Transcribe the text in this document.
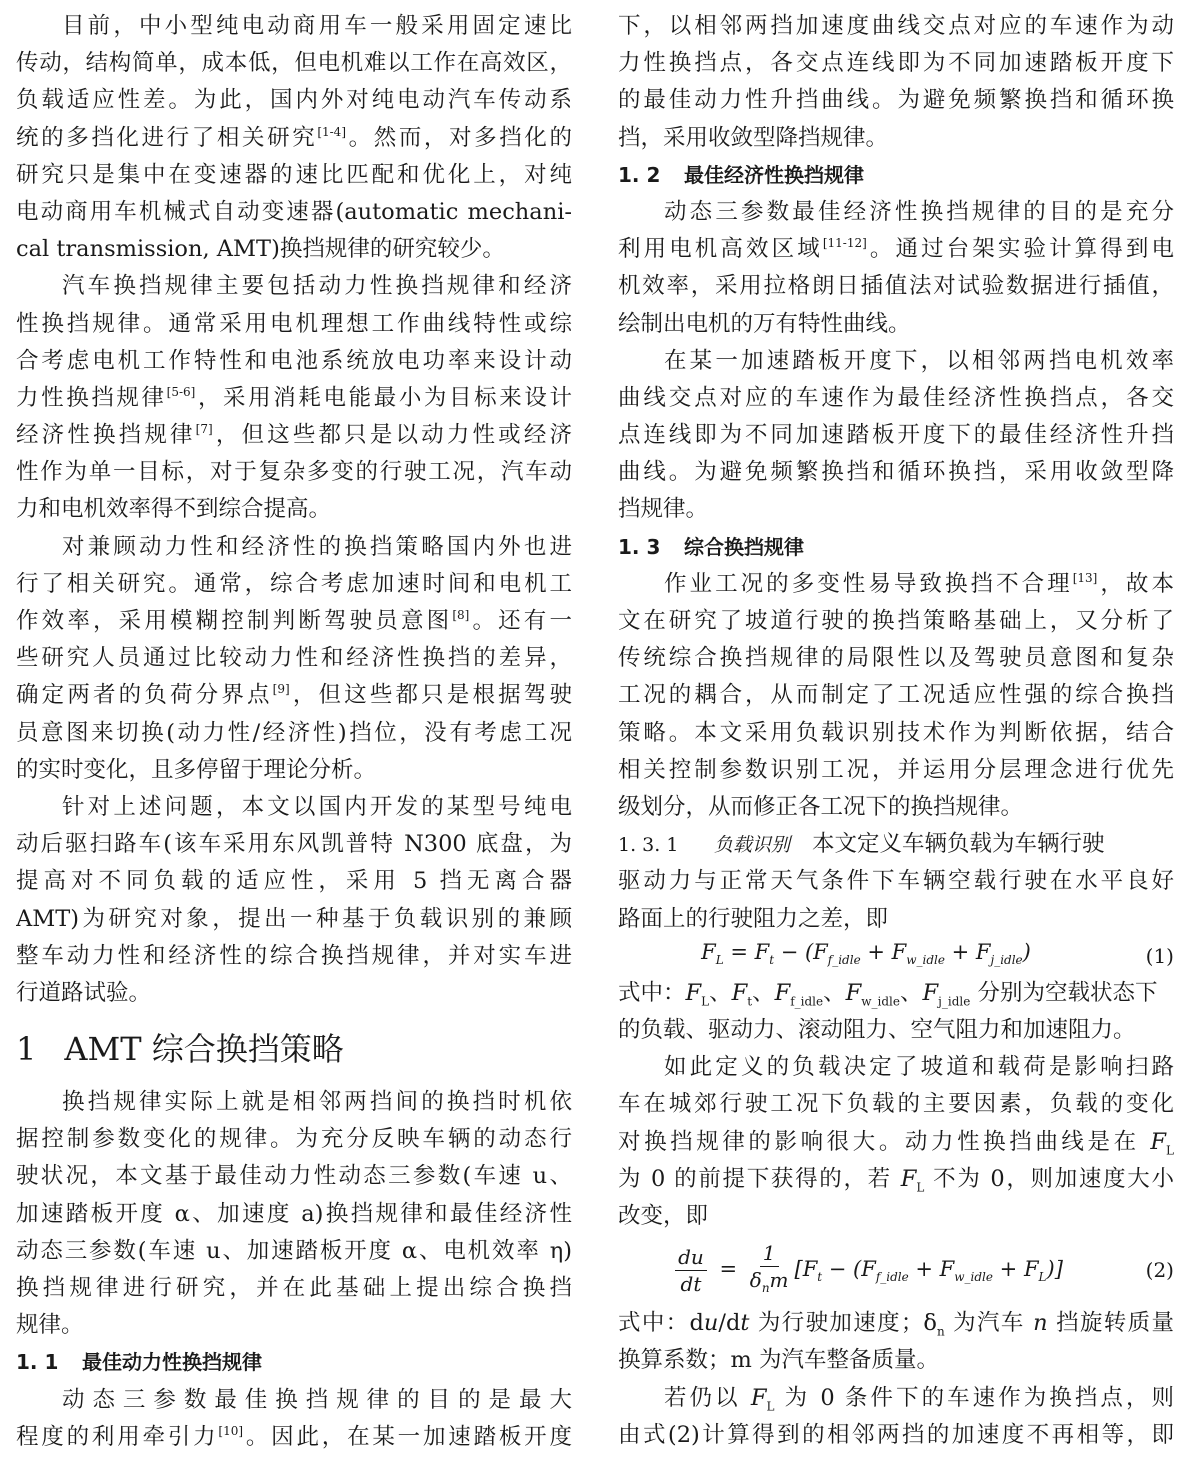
目前，中小型纯电动商用车一般采用固定速比
传动，结构简单，成本低，但电机难以工作在高效区，
负载适应性差。为此，国内外对纯电动汽车传动系
统的多挡化进行了相关研究[1-4]。然而，对多挡化的
研究只是集中在变速器的速比匹配和优化上，对纯
电动商用车机械式自动变速器(automatic mechani-
cal transmission, AMT)换挡规律的研究较少。
汽车换挡规律主要包括动力性换挡规律和经济
性换挡规律。通常采用电机理想工作曲线特性或综
合考虑电机工作特性和电池系统放电功率来设计动
力性换挡规律[5-6]，采用消耗电能最小为目标来设计
经济性换挡规律[7]，但这些都只是以动力性或经济
性作为单一目标，对于复杂多变的行驶工况，汽车动
力和电机效率得不到综合提高。
对兼顾动力性和经济性的换挡策略国内外也进
行了相关研究。通常，综合考虑加速时间和电机工
作效率，采用模糊控制判断驾驶员意图[8]。还有一
些研究人员通过比较动力性和经济性换挡的差异，
确定两者的负荷分界点[9]，但这些都只是根据驾驶
员意图来切换(动力性/经济性)挡位，没有考虑工况
的实时变化，且多停留于理论分析。
针对上述问题，本文以国内开发的某型号纯电
动后驱扫路车(该车采用东风凯普特 N300 底盘，为
提高对不同负载的适应性，采用 5 挡无离合器
AMT)为研究对象，提出一种基于负载识别的兼顾
整车动力性和经济性的综合换挡规律，并对实车进
行道路试验。
1 AMT 综合换挡策略
换挡规律实际上就是相邻两挡间的换挡时机依
据控制参数变化的规律。为充分反映车辆的动态行
驶状况，本文基于最佳动力性动态三参数(车速 u、
加速踏板开度 α、加速度 a)换挡规律和最佳经济性
动态三参数(车速 u、加速踏板开度 α、电机效率 η)
换挡规律进行研究，并在此基础上提出综合换挡
规律。
1. 1 最佳动力性换挡规律
动态三参数最佳换挡规律的目的是最大
程度的利用牵引力[10]。因此，在某一加速踏板开度
下，以相邻两挡加速度曲线交点对应的车速作为动
力性换挡点，各交点连线即为不同加速踏板开度下
的最佳动力性升挡曲线。为避免频繁换挡和循环换
挡，采用收敛型降挡规律。
1. 2 最佳经济性换挡规律
动态三参数最佳经济性换挡规律的目的是充分
利用电机高效区域[11-12]。通过台架实验计算得到电
机效率，采用拉格朗日插值法对试验数据进行插值，
绘制出电机的万有特性曲线。
在某一加速踏板开度下，以相邻两挡电机效率
曲线交点对应的车速作为最佳经济性换挡点，各交
点连线即为不同加速踏板开度下的最佳经济性升挡
曲线。为避免频繁换挡和循环换挡，采用收敛型降
挡规律。
1. 3 综合换挡规律
作业工况的多变性易导致换挡不合理[13]，故本
文在研究了坡道行驶的换挡策略基础上，又分析了
传统综合换挡规律的局限性以及驾驶员意图和复杂
工况的耦合，从而制定了工况适应性强的综合换挡
策略。本文采用负载识别技术作为判断依据，结合
相关控制参数识别工况，并运用分层理念进行优先
级划分，从而修正各工况下的换挡规律。
1. 3. 1 负载识别 本文定义车辆负载为车辆行驶
驱动力与正常天气条件下车辆空载行驶在水平良好
路面上的行驶阻力之差，即
$F_L = F_t - (F_{f\_idle} + F_{w\_idle} + F_{j\_idle})$	(1)
式中：$F_L$、$F_t$、$F_{f\_idle}$、$F_{w\_idle}$、$F_{j\_idle}$ 分别为空载状态下
的负载、驱动力、滚动阻力、空气阻力和加速阻力。
如此定义的负载决定了坡道和载荷是影响扫路
车在城郊行驶工况下负载的主要因素，负载的变化
对换挡规律的影响很大。动力性换挡曲线是在 $F_L$
为 0 的前提下获得的，若 $F_L$ 不为 0，则加速度大小
改变，即
$\frac{du}{dt} = \frac{1}{\delta_nm} [F_t - (F_{f\_idle} + F_{w\_idle} + F_L)]$	(2)
式中：du/dt 为行驶加速度；$\delta_n$ 为汽车 n 挡旋转质量
换算系数；m 为汽车整备质量。
若仍以 $F_L$ 为 0 条件下的车速作为换挡点，则
由式(2)计算得到的相邻两挡的加速度不再相等，即
